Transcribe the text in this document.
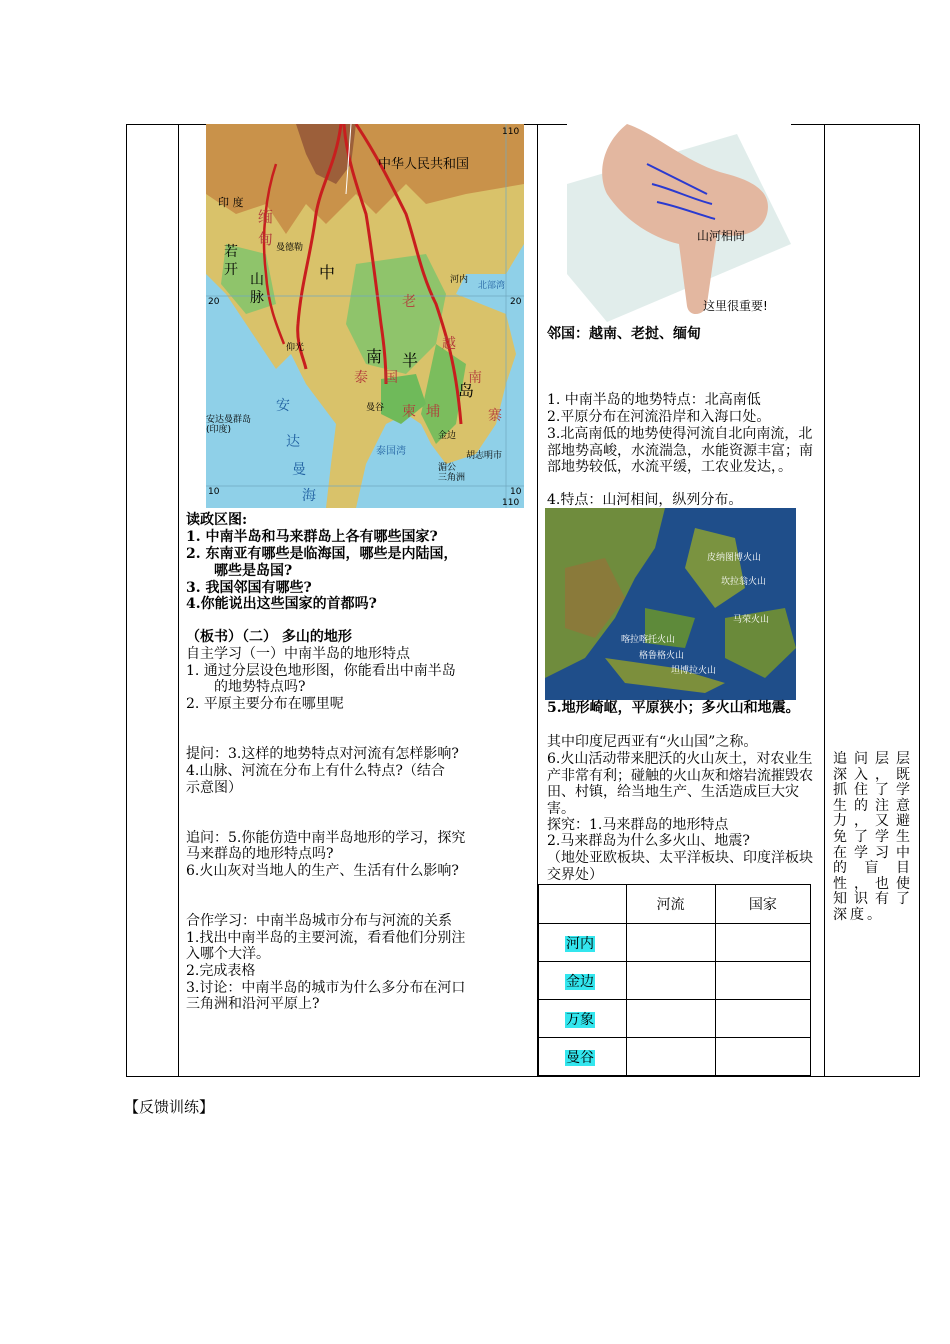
中华人民共和国
印 度
缅
甸
若
开
山
脉
曼德勒
中
南 半
岛
老
越
南
泰 国
柬 埔	寨
曼谷
河内
北部湾
金边
胡志明市
仰光
泰国湾
安
达
曼
海
安达曼群岛(印度)
湄公三角洲
20	20
10	10
110
110
读政区图:
1. 中南半岛和马来群岛上各有哪些国家?
2. 东南亚有哪些是临海国，哪些是内陆国，
哪些是岛国?
3. 我国邻国有哪些?
4.你能说出这些国家的首都吗?
（板书）（二） 多山的地形
自主学习（一）中南半岛的地形特点
1. 通过分层设色地形图，你能看出中南半岛
的地势特点吗?
2. 平原主要分布在哪里呢
提问：3.这样的地势特点对河流有怎样影响?
4.山脉、河流在分布上有什么特点?（结合
示意图）
追问：5.你能仿造中南半岛地形的学习，探究
马来群岛的地形特点吗?
6.火山灰对当地人的生产、生活有什么影响?
合作学习：中南半岛城市分布与河流的关系
1.找出中南半岛的主要河流，看看他们分别注
入哪个大洋。
2.完成表格
3.讨论：中南半岛的城市为什么多分布在河口
三角洲和沿河平原上?
山河相间
这里很重要!
邻国：越南、老挝、缅甸
1. 中南半岛的地势特点：北高南低
2.平原分布在河流沿岸和入海口处。
3.北高南低的地势使得河流自北向南流，北部地势高峻，水流湍急，水能资源丰富；南部地势较低，水流平缓，工农业发达，。
4.特点：山河相间，纵列分布。
皮纳图博火山
坎拉翁火山
马荣火山
喀拉喀托火山
坦博拉火山
格鲁格火山
5.地形崎岖，平原狭小；多火山和地震。
其中印度尼西亚有“火山国”之称。
6.火山活动带来肥沃的火山灰土，对农业生产非常有利；碰触的火山灰和熔岩流摧毁农田、村镇，给当地生产、生活造成巨大灾害。
探究：1.马来群岛的地形特点
2.马来群岛为什么多火山、地震?
（地处亚欧板块、太平洋板块、印度洋板块交界处）
	河流	国家
河内		
金边		
万象		
曼谷		
追问层层深入，既抓住了学生的注意力，又避免了学生在学习中的盲目性，也使知识有了深度。
【反馈训练】
